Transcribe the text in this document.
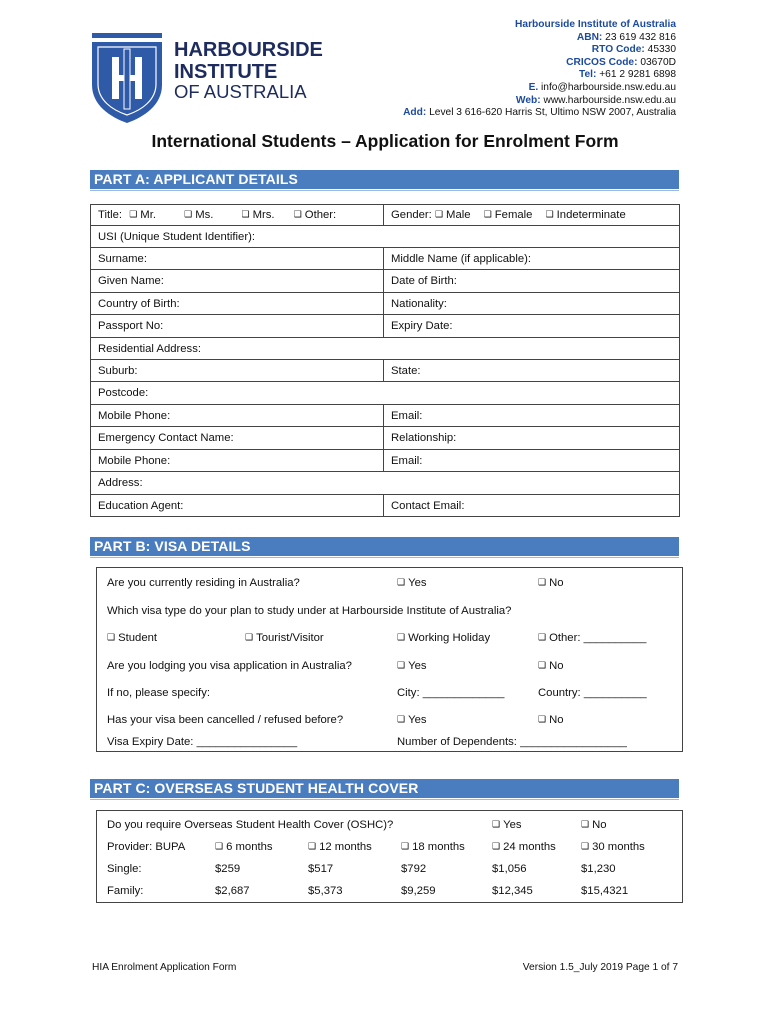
HARBOURSIDE
INSTITUTE
OF AUSTRALIA
Harbourside Institute of Australia
ABN: 23 619 432 816
RTO Code: 45330
CRICOS Code: 03670D
Tel: +61 2 9281 6898
E. info@harbourside.nsw.edu.au
Web: www.harbourside.nsw.edu.au
Add: Level 3 616-620 Harris St, Ultimo NSW 2007, Australia
International Students – Application for Enrolment Form
PART A: APPLICANT DETAILS
Title: ❑ Mr. ❑ Ms. ❑ Mrs. ❑ Other:	Gender: ❑ Male ❑ Female ❑ Indeterminate
USI (Unique Student Identifier):	
Surname:	Middle Name (if applicable):
Given Name:	Date of Birth:
Country of Birth:	Nationality:
Passport No:	Expiry Date:
Residential Address:	
Suburb:	State:
Postcode:	
Mobile Phone:	Email:
Emergency Contact Name:	Relationship:
Mobile Phone:	Email:
Address:	
Education Agent:	Contact Email:
PART B: VISA DETAILS
Are you currently residing in Australia?	❑ Yes	❑ No
Which visa type do your plan to study under at Harbourside Institute of Australia?
❑ Student	❑ Tourist/Visitor	❑ Working Holiday	❑ Other: __________
Are you lodging you visa application in Australia?	❑ Yes	❑ No
If no, please specify:	City: _____________	Country: __________
Has your visa been cancelled / refused before?	❑ Yes	❑ No
Visa Expiry Date: ________________	Number of Dependents: _________________
PART C: OVERSEAS STUDENT HEALTH COVER
Do you require Overseas Student Health Cover (OSHC)?	❑ Yes	❑ No
Provider: BUPA	❑ 6 months	❑ 12 months	❑ 18 months	❑ 24 months	❑ 30 months
Single:	$259	$517	$792	$1,056	$1,230
Family:	$2,687	$5,373	$9,259	$12,345	$15,4321
HIA Enrolment Application Form	Version 1.5_July 2019 Page 1 of 7
